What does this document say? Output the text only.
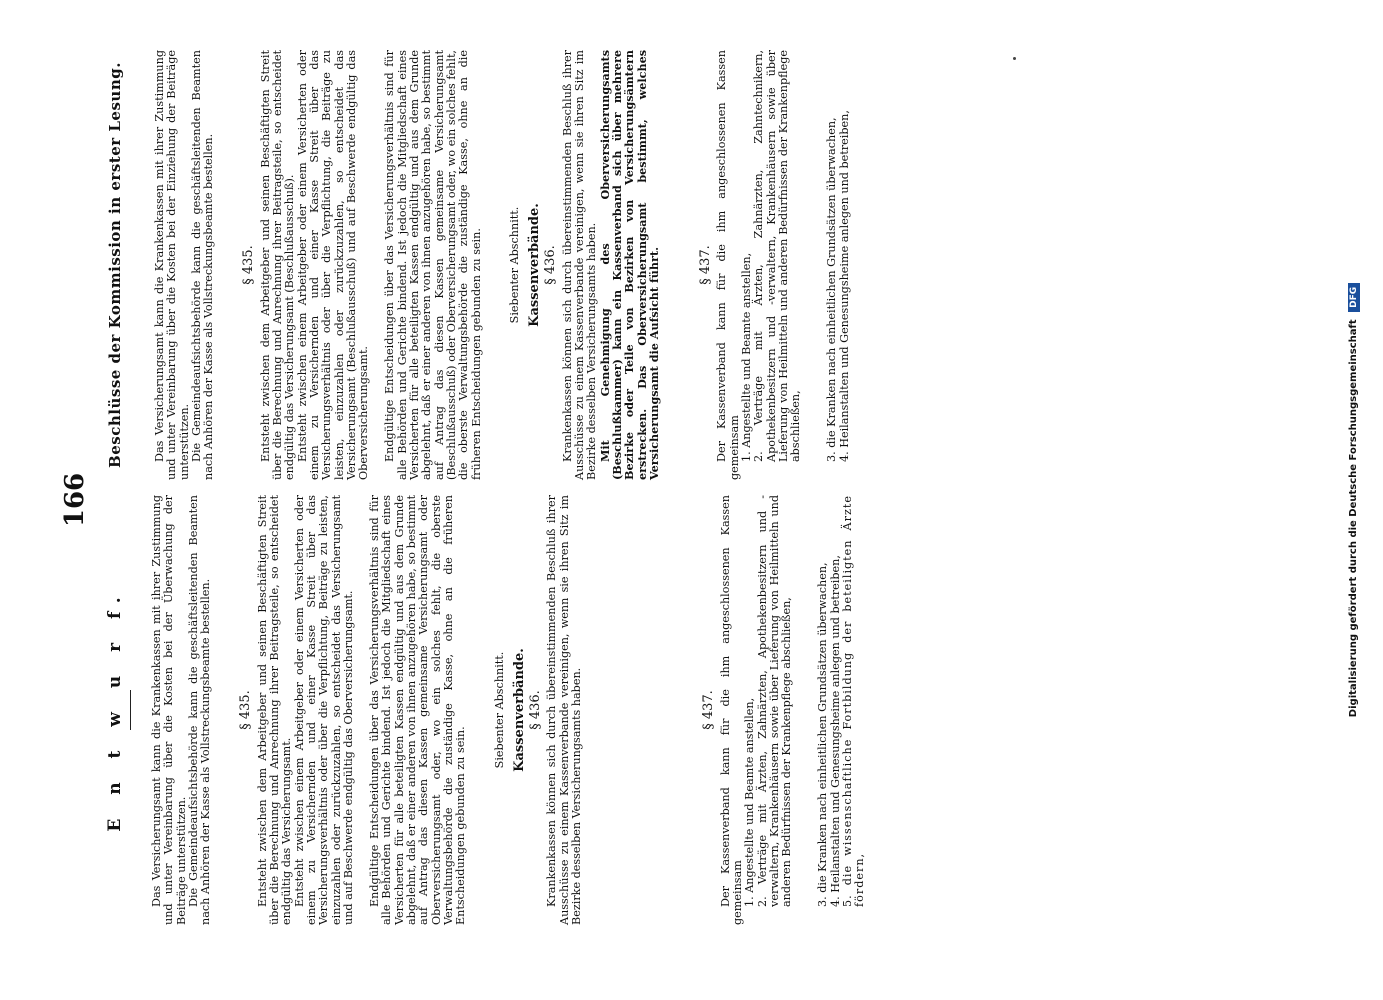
166
E n t w u r f. Das Versicherungsamt kann die Krankenkassen mit ihrer Zustimmung und unter Vereinbarung über die Kosten bei der Überwachung der Beiträge unterstützen. Die Gemeindeaufsichtsbehörde kann die geschäftsleitenden Beamten nach Anhören der Kasse als Vollstreckungsbeamte bestellen. § 435. Entsteht zwischen dem Arbeitgeber und seinen Beschäftigten Streit über die Berechnung und Anrechnung ihrer Beitragsteile, so entscheidet endgültig das Versicherungsamt. Entsteht zwischen einem Arbeitgeber oder einem Versicherten oder einem zu Versichernden und einer Kasse Streit über das Versicherungsverhältnis oder über die Verpflichtung, Beiträge zu leisten, einzuzahlen oder zurückzuzahlen, so entscheidet das Versicherungsamt und auf Beschwerde endgültig das Oberversicherungsamt. Endgültige Entscheidungen über das Versicherungsverhältnis sind für alle Behörden und Gerichte bindend. Ist jedoch die Mitgliedschaft eines Versicherten für alle beteiligten Kassen endgültig und aus dem Grunde abgelehnt, daß er einer anderen von ihnen anzugehören habe, so bestimmt auf Antrag das diesen Kassen gemeinsame Versicherungsamt oder Oberversicherungsamt oder, wo ein solches fehlt, die oberste Verwaltungsbehörde die zuständige Kasse, ohne an die früheren Entscheidungen gebunden zu sein.

Siebenter Abschnitt. Kassenverbände. § 436. Krankenkassen können sich durch übereinstimmenden Beschluß ihrer Ausschüsse zu einem Kassenverbande vereinigen, wenn sie ihren Sitz im Bezirke desselben Versicherungsamts haben.	§ 437. Der Kassenverband kann für die ihm angeschlossenen Kassen gemeinsam 1. Angestellte und Beamte anstellen, 2. Verträge mit Ärzten, Zahnärzten, Apothekenbesitzern und -verwaltern, Krankenhäusern sowie über Lieferung von Heilmitteln und anderen Bedürfnissen der Krankenpflege abschließen, 3. die Kranken nach einheitlichen Grundsätzen überwachen, 4. Heilanstalten und Genesungsheime anlegen und betreiben, 5. die wissenschaftliche Fortbildung der beteiligten Ärzte fördern,
Beschlüsse der Kommission in erster Lesung.	Das Versicherungsamt kann die Krankenkassen mit ihrer Zustimmung und unter Vereinbarung über die Kosten bei der Einziehung der Beiträge unterstützen. Die Gemeindeaufsichtsbehörde kann die geschäftsleitenden Beamten nach Anhören der Kasse als Vollstreckungsbeamte bestellen. § 435. Entsteht zwischen dem Arbeitgeber und seinen Beschäftigten Streit über die Berechnung und Anrechnung ihrer Beitragsteile, so entscheidet endgültig das Versicherungsamt (Beschlußausschuß). Entsteht zwischen einem Arbeitgeber oder einem Versicherten oder einem zu Versichernden und einer Kasse Streit über das Versicherungsverhältnis oder über die Verpflichtung, die Beiträge zu leisten, einzuzahlen oder zurückzuzahlen, so entscheidet das Versicherungsamt (Beschlußausschuß) und auf Beschwerde endgültig das Oberversicherungsamt. Endgültige Entscheidungen über das Versicherungsverhältnis sind für alle Behörden und Gerichte bindend. Ist jedoch die Mitgliedschaft eines Versicherten für alle beteiligten Kassen endgültig und aus dem Grunde abgelehnt, daß er einer anderen von ihnen anzugehören habe, so bestimmt auf Antrag das diesen Kassen gemeinsame Versicherungsamt (Beschlußausschuß) oder Oberversicherungsamt oder, wo ein solches fehlt, die oberste Verwaltungsbehörde die zuständige Kasse, ohne an die früheren Entscheidungen gebunden zu sein. Siebenter Abschnitt. Kassenverbände. § 436. Krankenkassen können sich durch übereinstimmenden Beschluß ihrer Ausschüsse zu einem Kassenverbande vereinigen, wenn sie ihren Sitz im Bezirke desselben Versicherungsamts haben. Mit Genehmigung des Oberversicherungsamts (Beschlußkammer) kann ein Kassenverband sich über mehrere Bezirke oder Teile von Bezirken von Versicherungsämtern erstrecken. Das Oberversicherungsamt bestimmt, welches Versicherungsamt die Aufsicht führt.	§ 437. Der Kassenverband kann für die ihm angeschlossenen Kassen gemeinsam 1. Angestellte und Beamte anstellen, 2. Verträge mit Ärzten, Zahnärzten, Zahntechnikern, Apothekenbesitzern und -verwaltern, Krankenhäusern sowie über Lieferung von Heilmitteln und anderen Bedürfnissen der Krankenpflege abschließen, 3. die Kranken nach einheitlichen Grundsätzen überwachen, 4. Heilanstalten und Genesungsheime anlegen und betreiben,
Digitalisierung gefördert durch die Deutsche Forschungsgemeinschaft DFG
